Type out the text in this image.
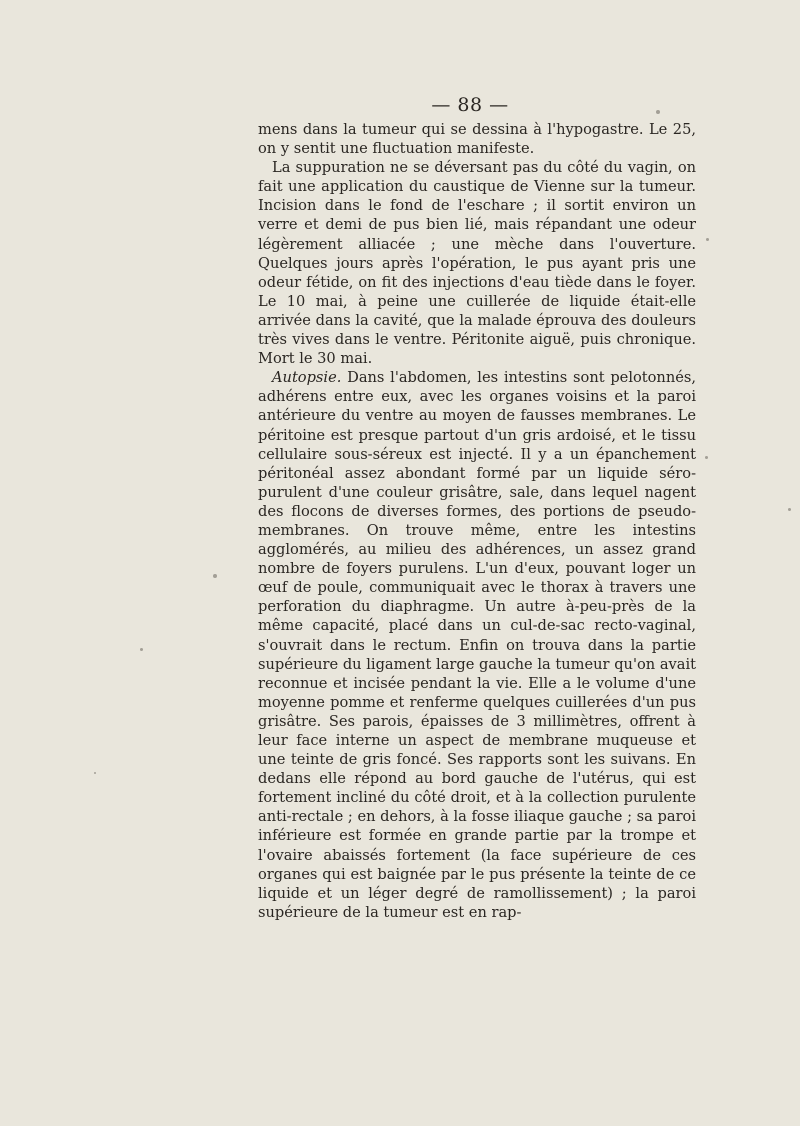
— 88 —

mens dans la tumeur qui se dessina à l'hypogastre. Le 25, on y sentit une fluctuation manifeste.

La suppuration ne se déversant pas du côté du vagin, on fait une application du caustique de Vienne sur la tumeur. Incision dans le fond de l'eschare ; il sortit environ un verre et demi de pus bien lié, mais répandant une odeur légèrement alliacée ; une mèche dans l'ouverture. Quelques jours après l'opération, le pus ayant pris une odeur fétide, on fit des injections d'eau tiède dans le foyer. Le 10 mai, à peine une cuillerée de liquide était-elle arrivée dans la cavité, que la malade éprouva des douleurs très vives dans le ventre. Péritonite aiguë, puis chronique. Mort le 30 mai.

Autopsie. Dans l'abdomen, les intestins sont pelotonnés, adhérens entre eux, avec les organes voisins et la paroi antérieure du ventre au moyen de fausses membranes. Le péritoine est presque partout d'un gris ardoisé, et le tissu cellulaire sous-séreux est injecté. Il y a un épanchement péritonéal assez abondant formé par un liquide séro-purulent d'une couleur grisâtre, sale, dans lequel nagent des flocons de diverses formes, des portions de pseudo-membranes. On trouve même, entre les intestins agglomérés, au milieu des adhérences, un assez grand nombre de foyers purulens. L'un d'eux, pouvant loger un œuf de poule, communiquait avec le thorax à travers une perforation du diaphragme. Un autre à-peu-près de la même capacité, placé dans un cul-de-sac recto-vaginal, s'ouvrait dans le rectum. Enfin on trouva dans la partie supérieure du ligament large gauche la tumeur qu'on avait reconnue et incisée pendant la vie. Elle a le volume d'une moyenne pomme et renferme quelques cuillerées d'un pus grisâtre. Ses parois, épaisses de 3 millimètres, offrent à leur face interne un aspect de membrane muqueuse et une teinte de gris foncé. Ses rapports sont les suivans. En dedans elle répond au bord gauche de l'utérus, qui est fortement incliné du côté droit, et à la collection purulente anti-rectale ; en dehors, à la fosse iliaque gauche ; sa paroi inférieure est formée en grande partie par la trompe et l'ovaire abaissés fortement (la face supérieure de ces organes qui est baignée par le pus présente la teinte de ce liquide et un léger degré de ramollissement) ; la paroi supérieure de la tumeur est en rap-
